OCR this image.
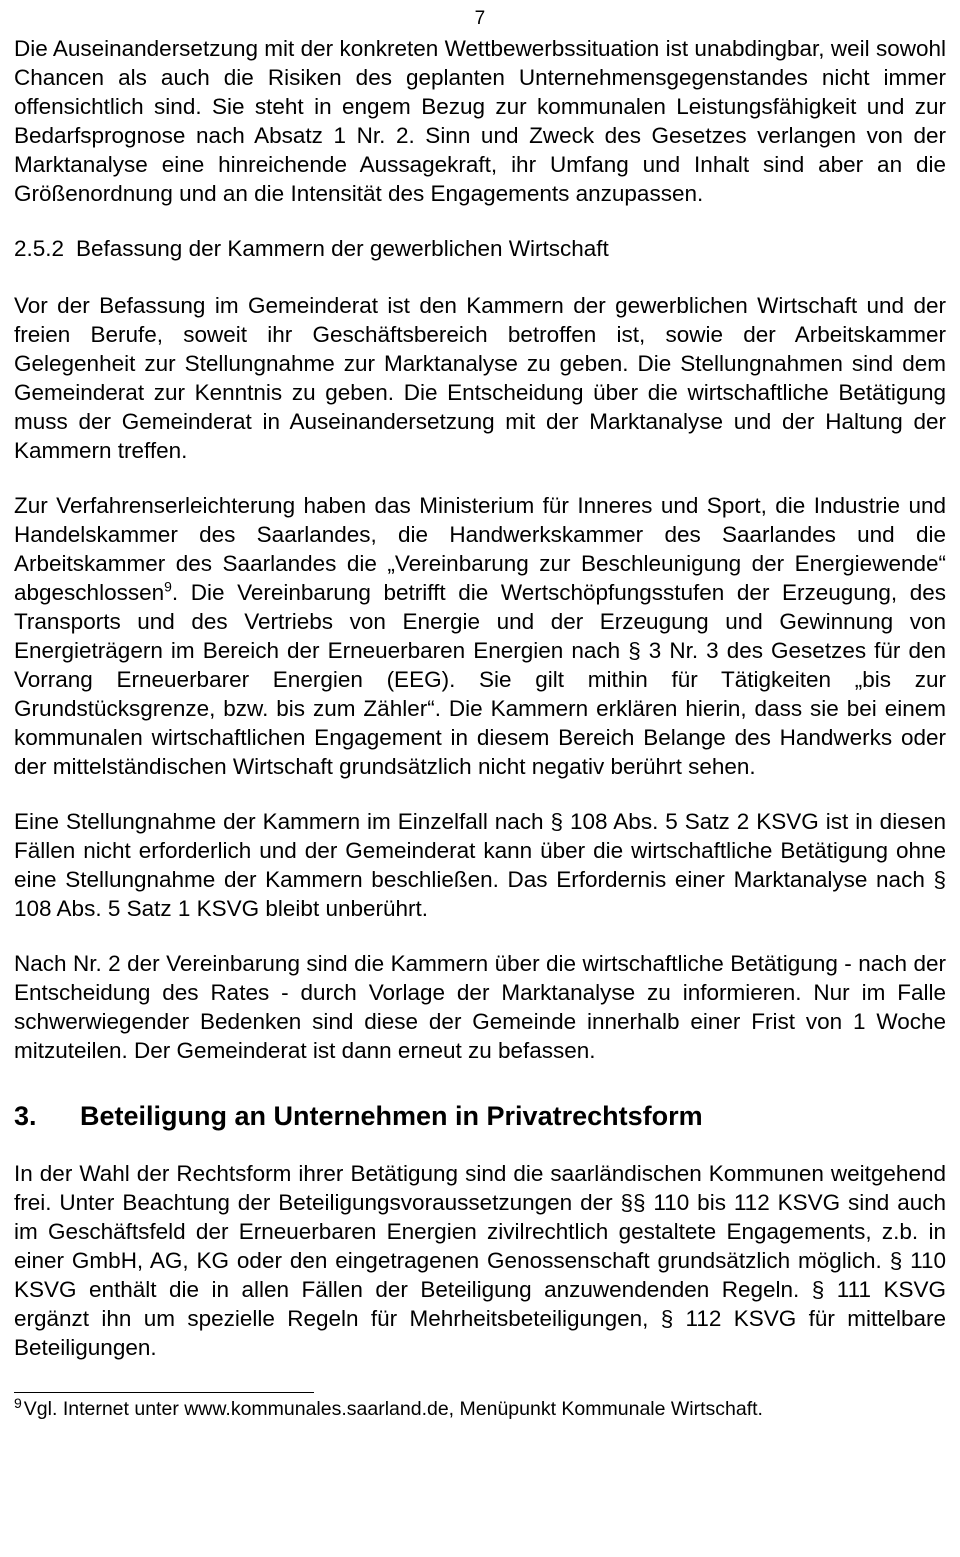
7

Die Auseinandersetzung mit der konkreten Wettbewerbssituation ist unabdingbar, weil sowohl Chancen als auch die Risiken des geplanten Unternehmensgegenstandes nicht immer offensichtlich sind. Sie steht in engem Bezug zur kommunalen Leistungsfähigkeit und zur Bedarfsprognose nach Absatz 1 Nr. 2. Sinn und Zweck des Gesetzes verlangen von der Marktanalyse eine hinreichende Aussagekraft, ihr Umfang und Inhalt sind aber an die Größenordnung und an die Intensität des Engagements anzupassen.

2.5.2 Befassung der Kammern der gewerblichen Wirtschaft

Vor der Befassung im Gemeinderat ist den Kammern der gewerblichen Wirtschaft und der freien Berufe, soweit ihr Geschäftsbereich betroffen ist, sowie der Arbeitskammer Gelegenheit zur Stellungnahme zur Marktanalyse zu geben. Die Stellungnahmen sind dem Gemeinderat zur Kenntnis zu geben. Die Entscheidung über die wirtschaftliche Betätigung muss der Gemeinderat in Auseinandersetzung mit der Marktanalyse und der Haltung der Kammern treffen.

Zur Verfahrenserleichterung haben das Ministerium für Inneres und Sport, die Industrie und Handelskammer des Saarlandes, die Handwerkskammer des Saarlandes und die Arbeitskammer des Saarlandes die „Vereinbarung zur Beschleunigung der Energiewende“ abgeschlossen$^9$. Die Vereinbarung betrifft die Wertschöpfungsstufen der Erzeugung, des Transports und des Vertriebs von Energie und der Erzeugung und Gewinnung von Energieträgern im Bereich der Erneuerbaren Energien nach § 3 Nr. 3 des Gesetzes für den Vorrang Erneuerbarer Energien (EEG). Sie gilt mithin für Tätigkeiten „bis zur Grundstücksgrenze, bzw. bis zum Zähler“. Die Kammern erklären hierin, dass sie bei einem kommunalen wirtschaftlichen Engagement in diesem Bereich Belange des Handwerks oder der mittelständischen Wirtschaft grundsätzlich nicht negativ berührt sehen.

Eine Stellungnahme der Kammern im Einzelfall nach § 108 Abs. 5 Satz 2 KSVG ist in diesen Fällen nicht erforderlich und der Gemeinderat kann über die wirtschaftliche Betätigung ohne eine Stellungnahme der Kammern beschließen. Das Erfordernis einer Marktanalyse nach § 108 Abs. 5 Satz 1 KSVG bleibt unberührt.

Nach Nr. 2 der Vereinbarung sind die Kammern über die wirtschaftliche Betätigung - nach der Entscheidung des Rates - durch Vorlage der Marktanalyse zu informieren. Nur im Falle schwerwiegender Bedenken sind diese der Gemeinde innerhalb einer Frist von 1 Woche mitzuteilen. Der Gemeinderat ist dann erneut zu befassen.

3. Beteiligung an Unternehmen in Privatrechtsform

In der Wahl der Rechtsform ihrer Betätigung sind die saarländischen Kommunen weitgehend frei. Unter Beachtung der Beteiligungsvoraussetzungen der §§ 110 bis 112 KSVG sind auch im Geschäftsfeld der Erneuerbaren Energien zivilrechtlich gestaltete Engagements, z.b. in einer GmbH, AG, KG oder den eingetragenen Genossenschaft grundsätzlich möglich. § 110 KSVG enthält die in allen Fällen der Beteiligung anzuwendenden Regeln. § 111 KSVG ergänzt ihn um spezielle Regeln für Mehrheitsbeteiligungen, § 112 KSVG für mittelbare Beteiligungen.

$^9$ Vgl. Internet unter www.kommunales.saarland.de, Menüpunkt Kommunale Wirtschaft.
